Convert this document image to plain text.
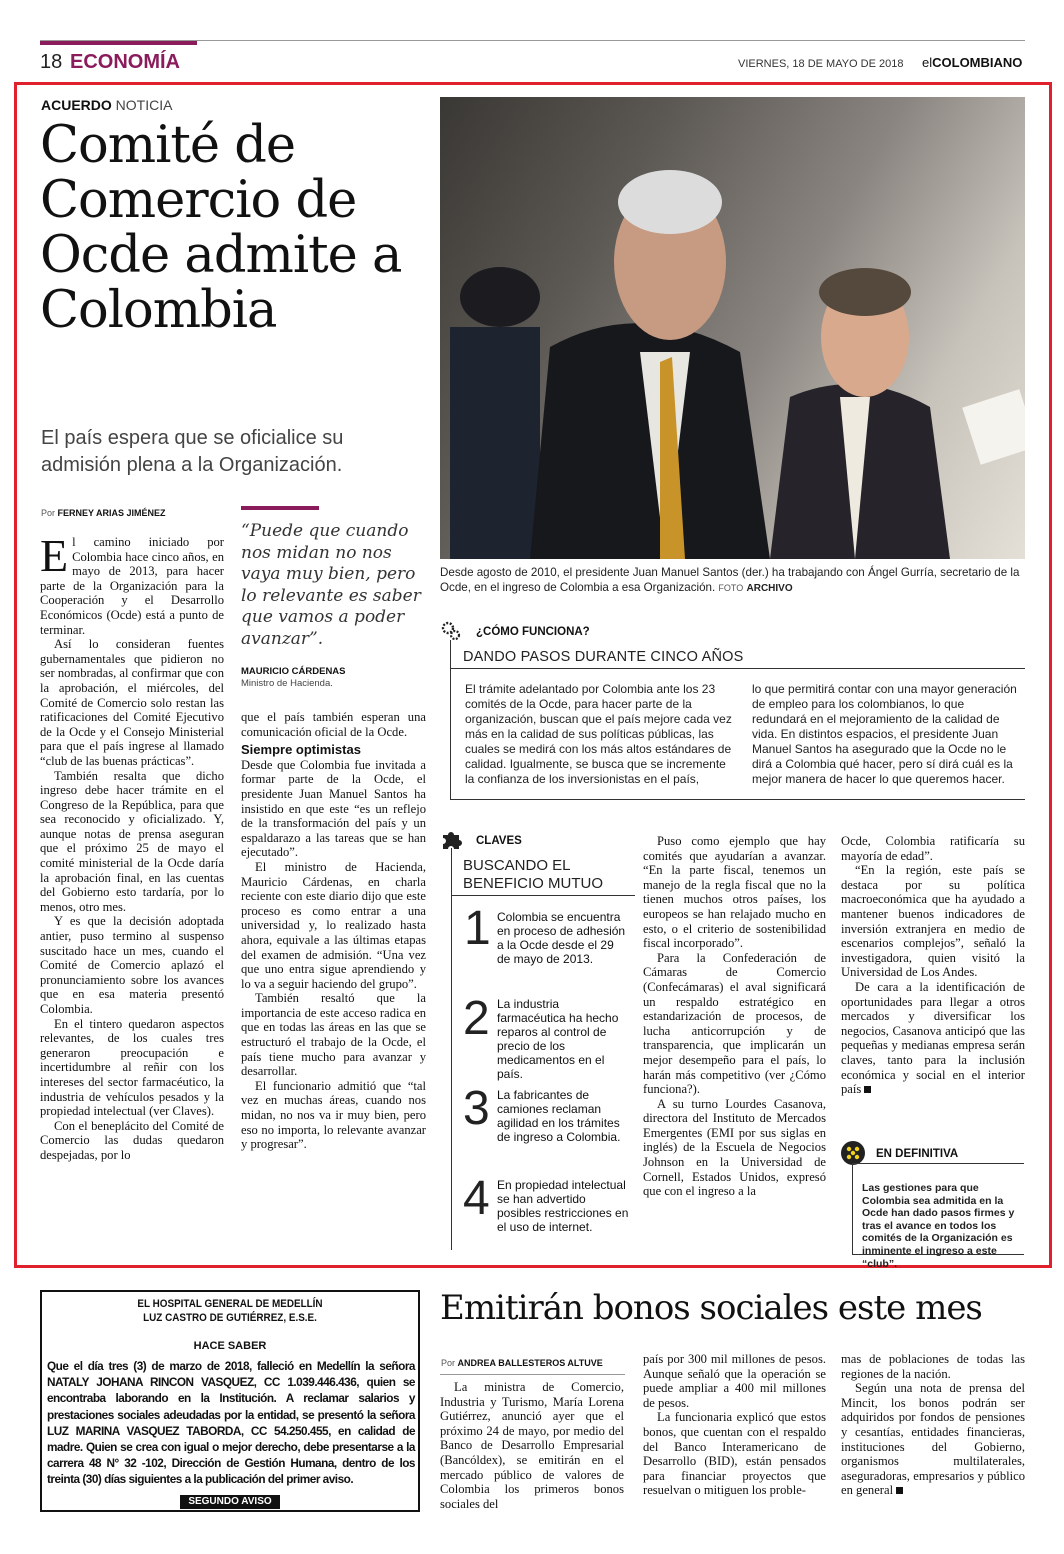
18 ECONOMÍA	VIERNES, 18 DE MAYO DE 2018 elCOLOMBIANO
ACUERDO NOTICIA
Comité de Comercio de Ocde admite a Colombia
El país espera que se oficialice su admisión plena a la Organización.
Desde agosto de 2010, el presidente Juan Manuel Santos (der.) ha trabajando con Ángel Gurría, secretario de la Ocde, en el ingreso de Colombia a esa Organización. FOTO ARCHIVO
Por FERNEY ARIAS JIMÉNEZ
“Puede que cuando nos midan no nos vaya muy bien, pero lo relevante es saber que vamos a poder avanzar”.
MAURICIO CÁRDENAS
Ministro de Hacienda.

El camino iniciado por Colombia hace cinco años, en mayo de 2013, para hacer parte de la Organización para la Cooperación y el Desarrollo Económicos (Ocde) está a punto de terminar.

Así lo consideran fuentes gubernamentales que pidieron no ser nombradas, al confirmar que con la aprobación, el miércoles, del Comité de Comercio solo restan las ratificaciones del Comité Ejecutivo de la Ocde y el Consejo Ministerial para que el país ingrese al llamado “club de las buenas prácticas”.

También resalta que dicho ingreso debe hacer trámite en el Congreso de la República, para que sea reconocido y oficializado. Y, aunque notas de prensa aseguran que el próximo 25 de mayo el comité ministerial de la Ocde daría la aprobación final, en las cuentas del Gobierno esto tardaría, por lo menos, otro mes.

Y es que la decisión adoptada antier, puso termino al suspenso suscitado hace un mes, cuando el Comité de Comercio aplazó el pronunciamiento sobre los avances que en esa materia presentó Colombia.

En el tintero quedaron aspectos relevantes, de los cuales tres generaron preocupación e incertidumbre al reñir con los intereses del sector farmacéutico, la industria de vehículos pesados y la propiedad intelectual (ver Claves).

Con el beneplácito del Comité de Comercio las dudas quedaron despejadas, por lo

que el país también esperan una comunicación oficial de la Ocde.

Siempre optimistas

Desde que Colombia fue invitada a formar parte de la Ocde, el presidente Juan Manuel Santos ha insistido en que este “es un reflejo de la transformación del país y un espaldarazo a las tareas que se han ejecutado”.

El ministro de Hacienda, Mauricio Cárdenas, en charla reciente con este diario dijo que este proceso es como entrar a una universidad y, lo realizado hasta ahora, equivale a las últimas etapas del examen de admisión. “Una vez que uno entra sigue aprendiendo y lo va a seguir haciendo del grupo”.

También resaltó que la importancia de este acceso radica en que en todas las áreas en las que se estructuró el trabajo de la Ocde, el país tiene mucho para avanzar y desarrollar.

El funcionario admitió que “tal vez en muchas áreas, cuando nos midan, no nos va ir muy bien, pero eso no importa, lo relevante avanzar y progresar”.

¿CÓMO FUNCIONA?
DANDO PASOS DURANTE CINCO AÑOS
El trámite adelantado por Colombia ante los 23 comités de la Ocde, para hacer parte de la organización, buscan que el país mejore cada vez más en la calidad de sus políticas públicas, las cuales se medirá con los más altos estándares de calidad. Igualmente, se busca que se incremente la confianza de los inversionistas en el país,
lo que permitirá contar con una mayor generación de empleo para los colombianos, lo que redundará en el mejoramiento de la calidad de vida. En distintos espacios, el presidente Juan Manuel Santos ha asegurado que la Ocde no le dirá a Colombia qué hacer, pero sí dirá cuál es la mejor manera de hacer lo que queremos hacer.
CLAVES
BUSCANDO EL
BENEFICIO MUTUO
1 Colombia se encuentra en proceso de adhesión a la Ocde desde el 29 de mayo de 2013.
2 La industria farmacéutica ha hecho reparos al control de precio de los medicamentos en el país.
3 La fabricantes de camiones reclaman agilidad en los trámites de ingreso a Colombia.
4 En propiedad intelectual se han advertido posibles restricciones en el uso de internet.

Puso como ejemplo que hay comités que ayudarían a avanzar. “En la parte fiscal, tenemos un manejo de la regla fiscal que no la tienen muchos otros países, los europeos se han relajado mucho en esto, o el criterio de sostenibilidad fiscal incorporado”.

Para la Confederación de Cámaras de Comercio (Confecámaras) el aval significará un respaldo estratégico en estandarización de procesos, de lucha anticorrupción y de transparencia, que implicarán un mejor desempeño para el país, lo harán más competitivo (ver ¿Cómo funciona?).

A su turno Lourdes Casanova, directora del Instituto de Mercados Emergentes (EMI por sus siglas en inglés) de la Escuela de Negocios Johnson en la Universidad de Cornell, Estados Unidos, expresó que con el ingreso a la

Ocde, Colombia ratificaría su mayoría de edad”.

“En la región, este país se destaca por su política macroeconómica que ha ayudado a mantener buenos indicadores de inversión extranjera en medio de escenarios complejos”, señaló la investigadora, quien visitó la Universidad de Los Andes.

De cara a la identificación de oportunidades para llegar a otros mercados y diversificar los negocios, Casanova anticipó que las pequeñas y medianas empresa serán claves, tanto para la inclusión económica y social en el interior país

EN DEFINITIVA
Las gestiones para que Colombia sea admitida en la Ocde han dado pasos firmes y tras el avance en todos los comités de la Organización es inminente el ingreso a este “club”.
EL HOSPITAL GENERAL DE MEDELLÍN
LUZ CASTRO DE GUTIÉRREZ, E.S.E.
HACE SABER
Que el día tres (3) de marzo de 2018, falleció en Medellín la señora NATALY JOHANA RINCON VASQUEZ, CC 1.039.446.436, quien se encontraba laborando en la Institución. A reclamar salarios y prestaciones sociales adeudadas por la entidad, se presentó la señora LUZ MARINA VASQUEZ TABORDA, CC 54.250.455, en calidad de madre. Quien se crea con igual o mejor derecho, debe presentarse a la carrera 48 N° 32 -102, Dirección de Gestión Humana, dentro de los treinta (30) días siguientes a la publicación del primer aviso.
SEGUNDO AVISO
Emitirán bonos sociales este mes
Por ANDREA BALLESTEROS ALTUVE

La ministra de Comercio, Industria y Turismo, María Lorena Gutiérrez, anunció ayer que el próximo 24 de mayo, por medio del Banco de Desarrollo Empresarial (Bancóldex), se emitirán en el mercado público de valores de Colombia los primeros bonos sociales del

país por 300 mil millones de pesos. Aunque señaló que la operación se puede ampliar a 400 mil millones de pesos.

La funcionaria explicó que estos bonos, que cuentan con el respaldo del Banco Interamericano de Desarrollo (BID), están pensados para financiar proyectos que resuelvan o mitiguen los proble-

mas de poblaciones de todas las regiones de la nación.

Según una nota de prensa del Mincit, los bonos podrán ser adquiridos por fondos de pensiones y cesantías, entidades financieras, instituciones del Gobierno, organismos multilaterales, aseguradoras, empresarios y público en general
